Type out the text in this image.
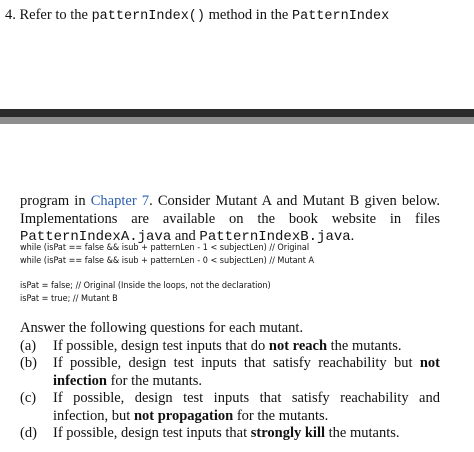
4. Refer to the patternIndex() method in the PatternIndex
program in Chapter 7. Consider Mutant A and Mutant B given below. Implementations are available on the book website in files PatternIndexA.java and PatternIndexB.java.
while (isPat == false && isub + patternLen - 1 < subjectLen) // Original
while (isPat == false && isub + patternLen - 0 < subjectLen) // Mutant A
isPat = false; // Original (Inside the loops, not the declaration)
isPat = true; // Mutant B

Answer the following questions for each mutant.

(a)	If possible, design test inputs that do not reach the mutants.
(b)	If possible, design test inputs that satisfy reachability but not infection for the mutants.
(c)	If possible, design test inputs that satisfy reachability and infection, but not propagation for the mutants.
(d)	If possible, design test inputs that strongly kill the mutants.
